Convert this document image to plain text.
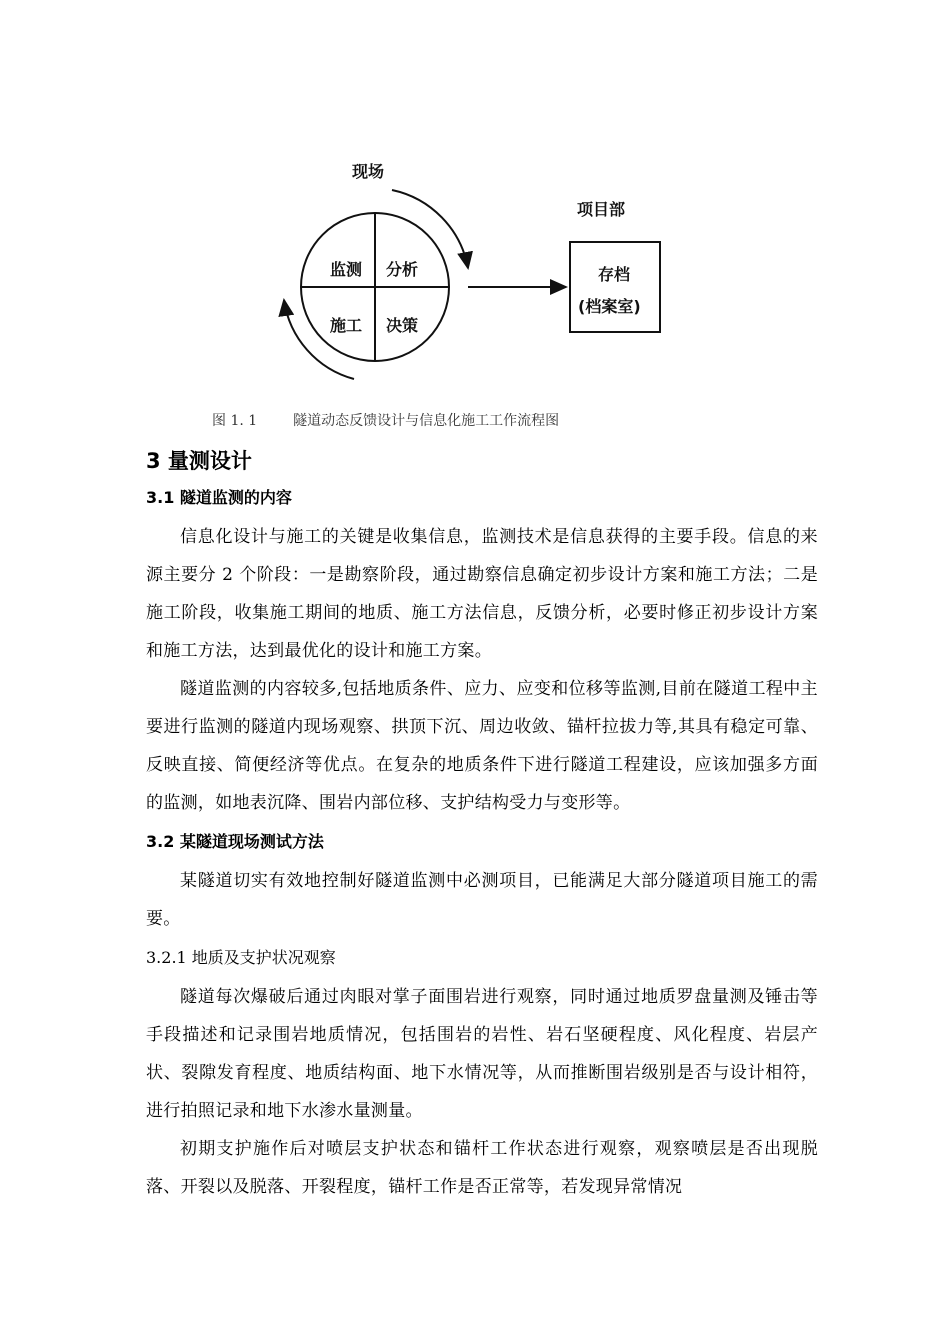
现场
项目部
监测 分析
施工 决策
存档
(档案室)
图 1. 1	隧道动态反馈设计与信息化施工工作流程图
3 量测设计
3.1 隧道监测的内容

信息化设计与施工的关键是收集信息，监测技术是信息获得的主要手段。信息的来源主要分 2 个阶段：一是勘察阶段，通过勘察信息确定初步设计方案和施工方法；二是施工阶段，收集施工期间的地质、施工方法信息，反馈分析，必要时修正初步设计方案和施工方法，达到最优化的设计和施工方案。

隧道监测的内容较多,包括地质条件、应力、应变和位移等监测,目前在隧道工程中主要进行监测的隧道内现场观察、拱顶下沉、周边收敛、锚杆拉拔力等,其具有稳定可靠、反映直接、简便经济等优点。在复杂的地质条件下进行隧道工程建设，应该加强多方面的监测，如地表沉降、围岩内部位移、支护结构受力与变形等。

3.2 某隧道现场测试方法

某隧道切实有效地控制好隧道监测中必测项目，已能满足大部分隧道项目施工的需要。

3.2.1 地质及支护状况观察

隧道每次爆破后通过肉眼对掌子面围岩进行观察，同时通过地质罗盘量测及锤击等手段描述和记录围岩地质情况，包括围岩的岩性、岩石坚硬程度、风化程度、岩层产状、裂隙发育程度、地质结构面、地下水情况等，从而推断围岩级别是否与设计相符，进行拍照记录和地下水渗水量测量。

初期支护施作后对喷层支护状态和锚杆工作状态进行观察，观察喷层是否出现脱落、开裂以及脱落、开裂程度，锚杆工作是否正常等，若发现异常情况
